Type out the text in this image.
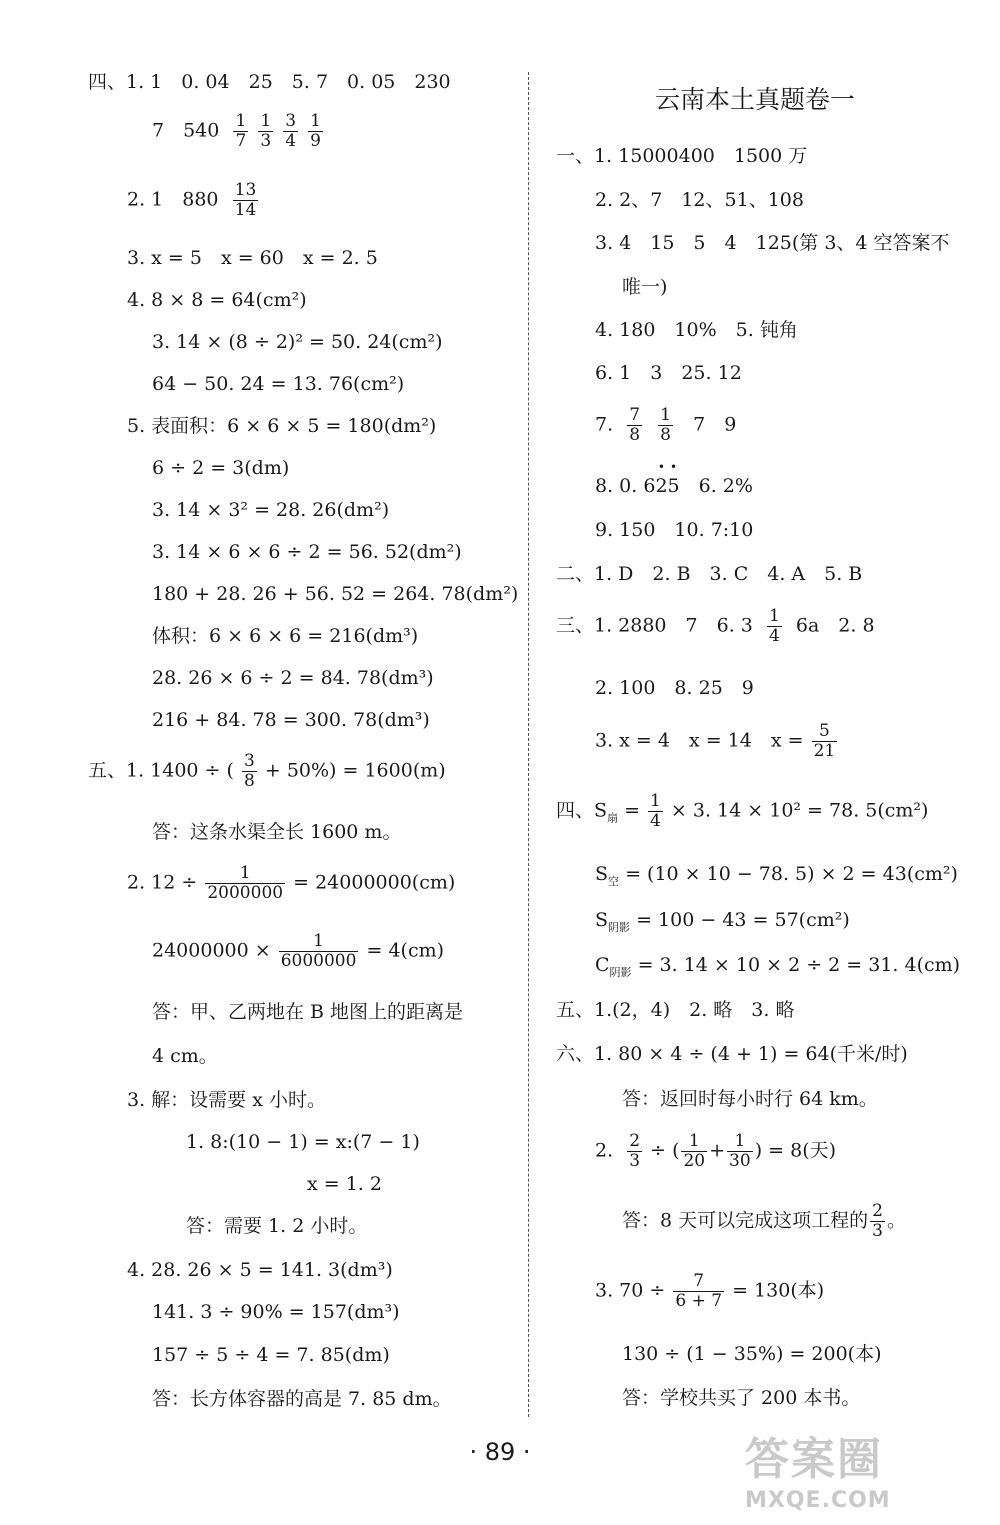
四、1. 1　0. 04　25　5. 7　0. 05　230
7　$540 \frac{1}{7}$
$\frac{1}{3}$
$\frac{3}{4}$
$\frac{1}{9}$
2. 1　$880 \frac{13}{14}$
3. x = 5　x = 60　x = 2. 5
4. 8 × 8 = 64(cm²)
3. 14 × (8 ÷ 2)² = 50. 24(cm²)
64 − 50. 24 = 13. 76(cm²)
5. 表面积：6 × 6 × 5 = 180(dm²)
6 ÷ 2 = 3(dm)
3. 14 × 3² = 28. 26(dm²)
3. 14 × 6 × 6 ÷ 2 = 56. 52(dm²)
180 + 28. 26 + 56. 52 = 264. 78(dm²)
体积：6 × 6 × 6 = 216(dm³)
28. 26 × 6 ÷ 2 = 84. 78(dm³)
216 + 84. 78 = 300. 78(dm³)
五、1. 1400 ÷ ( $\frac{3}{8} + 50\%) = 1600(m)$
答：这条水渠全长 1600 m。
2. $12 \div \frac{1}{2000000} = 24000000(cm)$
$24000000 \times \frac{1}{6000000} = 4(cm)$
答：甲、乙两地在 B 地图上的距离是
4 cm。
3. 解：设需要 x 小时。
1. 8:(10 − 1) = x:(7 − 1)
x = 1. 2
答：需要 1. 2 小时。
4. 28. 26 × 5 = 141. 3(dm³)
141. 3 ÷ 90% = 157(dm³)
157 ÷ 5 ÷ 4 = 7. 85(dm)
答：长方体容器的高是 7. 85 dm。
云南本土真题卷一
一、1. 15000400　1500 万
2. 2、7　12、51、108
3. 4　15　5　4　125(第 3、4 空答案不
唯一)
4. 180　10%　5. 钝角
6. 1　3　25. 12
7. $\frac{7}{8}$
$\frac{1}{8} 7$　9
8. 0. 6· 2· 5　6. 2%
9. 150　10. 7:10
二、1. D　2. B　3. C　4. A　5. B
三、1. 2880　7　6. $3 \frac{1}{4} 6a$　2. 8
2. 100　8. 25　9
3. x = 4　x = 14　$x = \frac{5}{21}$
四、$S_扇 = \frac{1}{4} \times 3$. 14 × 10² = 78. 5(cm²)
$S_空 = (10 \times 10 - 78$. 5) × 2 = 43(cm²)
$S_{阴影} = 100 - 43 = 57(cm^2)$
$C_{阴影} = 3$. 14 × 10 × 2 ÷ 2 = 31. 4(cm)
五、1.(2，4)　2. 略　3. 略
六、1. 80 × 4 ÷ (4 + 1) = 64(千米/时)
答：返回时每小时行 64 km。
2. $\frac{2}{3}$ ÷ ( $\frac{1}{20} + \frac{1}{30}$ ) = 8(天)
答：8 天可以完成这项工程的 $\frac{2}{3}$ 。
3. $70 \div \frac{7}{6 + 7} = 130$(本)
130 ÷ (1 − 35%) = 200(本)
答：学校共买了 200 本书。
· 89 ·	答案圈
MXQE.COM
